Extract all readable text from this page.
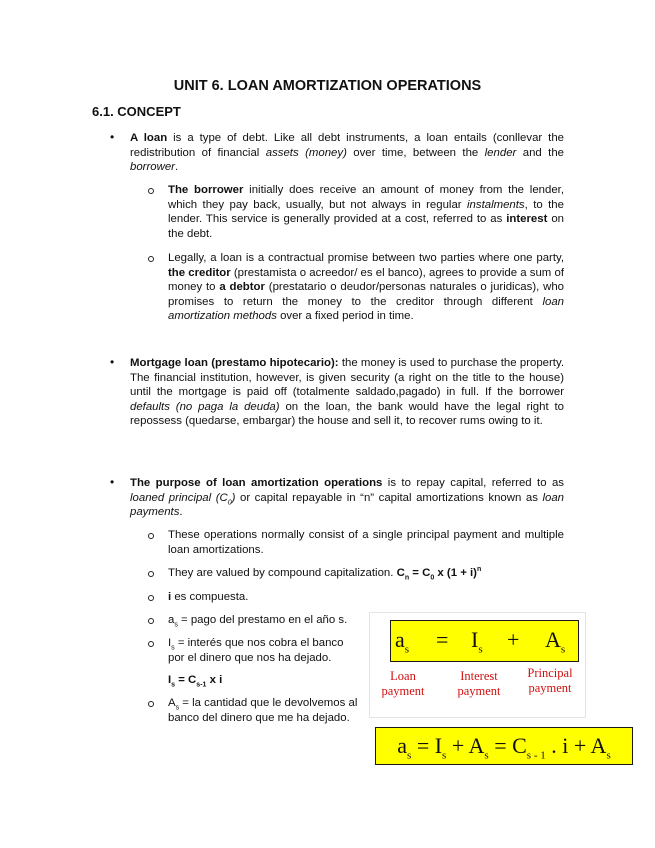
UNIT 6. LOAN AMORTIZATION OPERATIONS
6.1. CONCEPT
• A loan is a type of debt. Like all debt instruments, a loan entails (conllevar the redistribution of financial assets (money) over time, between the lender and the borrower.
The borrower initially does receive an amount of money from the lender, which they pay back, usually, but not always in regular instalments, to the lender. This service is generally provided at a cost, referred to as interest on the debt.
Legally, a loan is a contractual promise between two parties where one party, the creditor (prestamista o acreedor/ es el banco), agrees to provide a sum of money to a debtor (prestatario o deudor/personas naturales o juridicas), who promises to return the money to the creditor through different loan amortization methods over a fixed period in time.
• Mortgage loan (prestamo hipotecario): the money is used to purchase the property. The financial institution, however, is given security (a right on the title to the house) until the mortgage is paid off (totalmente saldado,pagado) in full. If the borrower defaults (no paga la deuda) on the loan, the bank would have the legal right to repossess (quedarse, embargar) the house and sell it, to recover rums owing to it.
• The purpose of loan amortization operations is to repay capital, referred to as loaned principal $(C_0)$ or capital repayable in “n” capital amortizations known as loan payments.
These operations normally consist of a single principal payment and multiple loan amortizations.
They are valued by compound capitalization. $C_n = C_0$ x $(1 + i)^n$
i es compuesta.
$a_s$ = pago del prestamo en el año s.
$I_s$ = interés que nos cobra el banco por el dinero que nos ha dejado.
$I_s = C_{s-1}$ x i
$A_s$ = la cantidad que le devolvemos al banco del dinero que me ha dejado.
$a_s = I_s + A_s$
Loan payment
Interest payment
Principal payment
$a_s = I_s + A_s = C_{s - 1}$ . $i + A_s$
